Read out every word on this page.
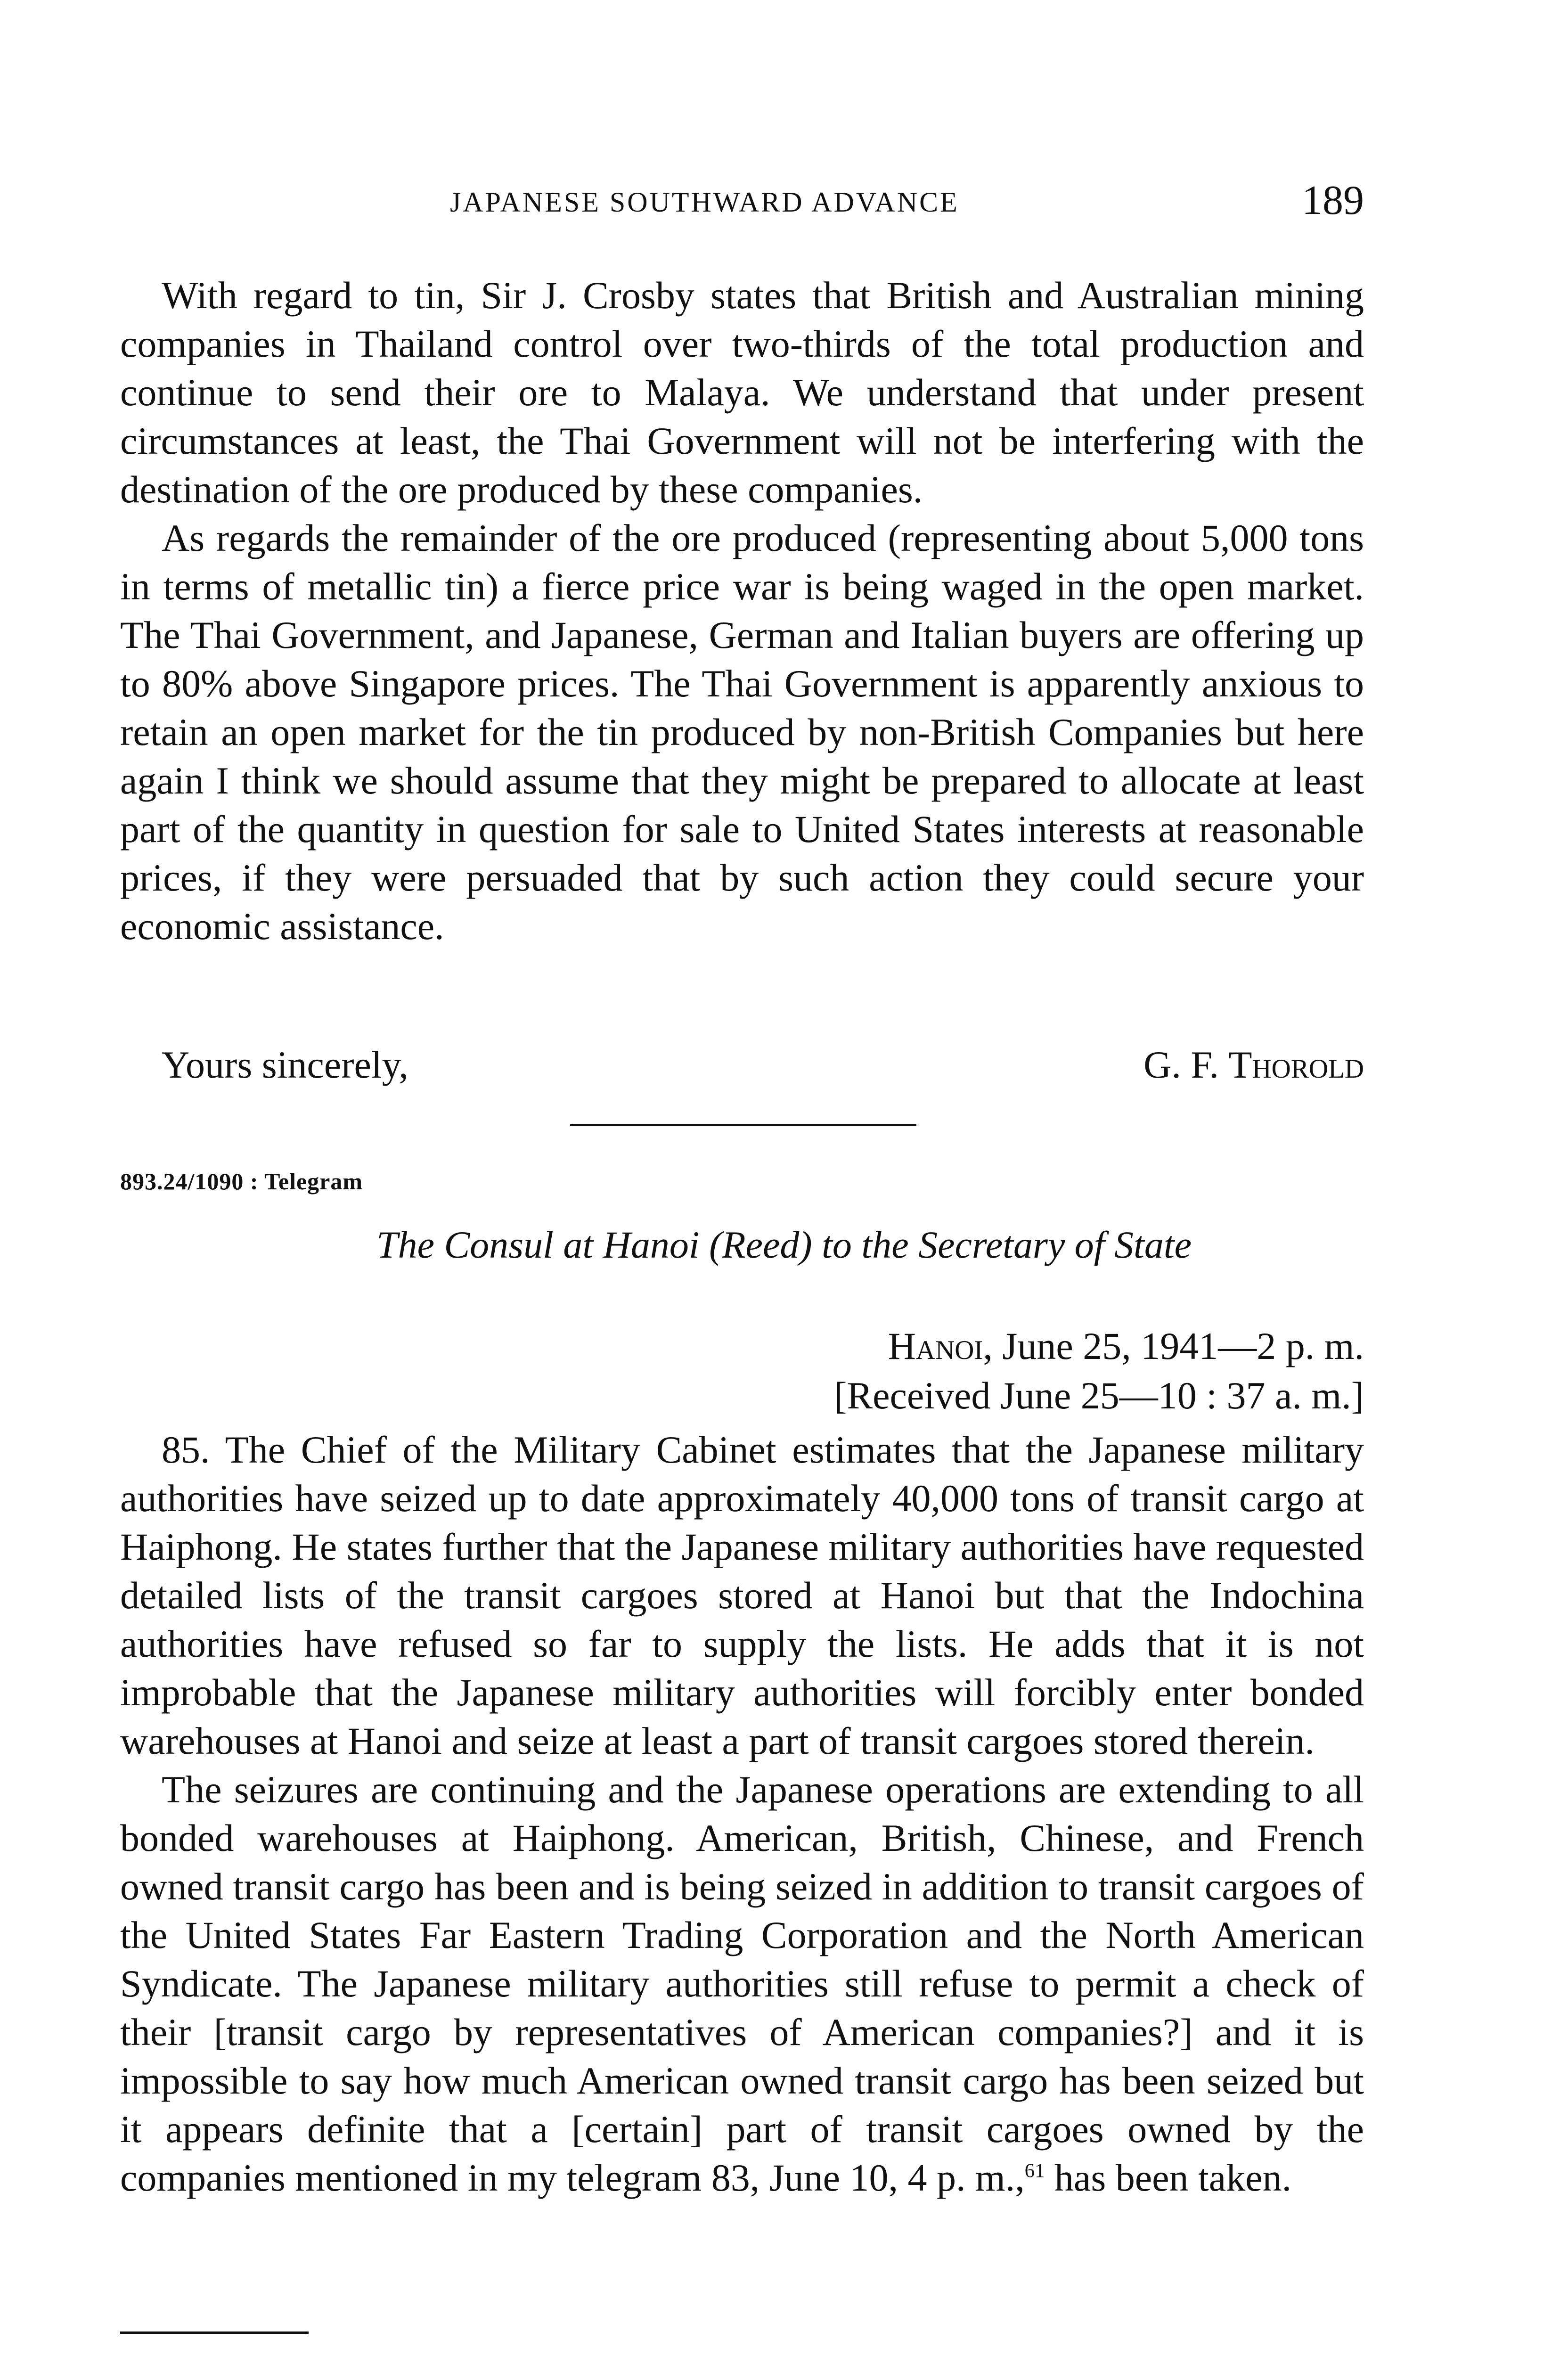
JAPANESE SOUTHWARD ADVANCE	189

With regard to tin, Sir J. Crosby states that British and Australian mining companies in Thailand control over two-thirds of the total production and continue to send their ore to Malaya. We understand that under present circumstances at least, the Thai Government will not be interfering with the destination of the ore produced by these companies.

As regards the remainder of the ore produced (representing about 5,000 tons in terms of metallic tin) a fierce price war is being waged in the open market. The Thai Government, and Japanese, German and Italian buyers are offering up to 80% above Singapore prices. The Thai Government is apparently anxious to retain an open market for the tin produced by non-British Companies but here again I think we should assume that they might be prepared to allocate at least part of the quantity in question for sale to United States interests at reasonable prices, if they were persuaded that by such action they could secure your economic assistance.

Yours sincerely,	G. F. Thorold
893.24/1090 : Telegram
The Consul at Hanoi (Reed) to the Secretary of State
Hanoi, June 25, 1941—2 p. m.
[Received June 25—10 : 37 a. m.]

85. The Chief of the Military Cabinet estimates that the Japanese military authorities have seized up to date approximately 40,000 tons of transit cargo at Haiphong. He states further that the Japanese military authorities have requested detailed lists of the transit cargoes stored at Hanoi but that the Indochina authorities have refused so far to supply the lists. He adds that it is not improbable that the Japanese military authorities will forcibly enter bonded warehouses at Hanoi and seize at least a part of transit cargoes stored therein.

The seizures are continuing and the Japanese operations are extending to all bonded warehouses at Haiphong. American, British, Chinese, and French owned transit cargo has been and is being seized in addition to transit cargoes of the United States Far Eastern Trading Corporation and the North American Syndicate. The Japanese military authorities still refuse to permit a check of their [transit cargo by representatives of American companies?] and it is impossible to say how much American owned transit cargo has been seized but it appears definite that a [certain] part of transit cargoes owned by the companies mentioned in my telegram 83, June 10, 4 p. m.,$^{61}$ has been taken.
